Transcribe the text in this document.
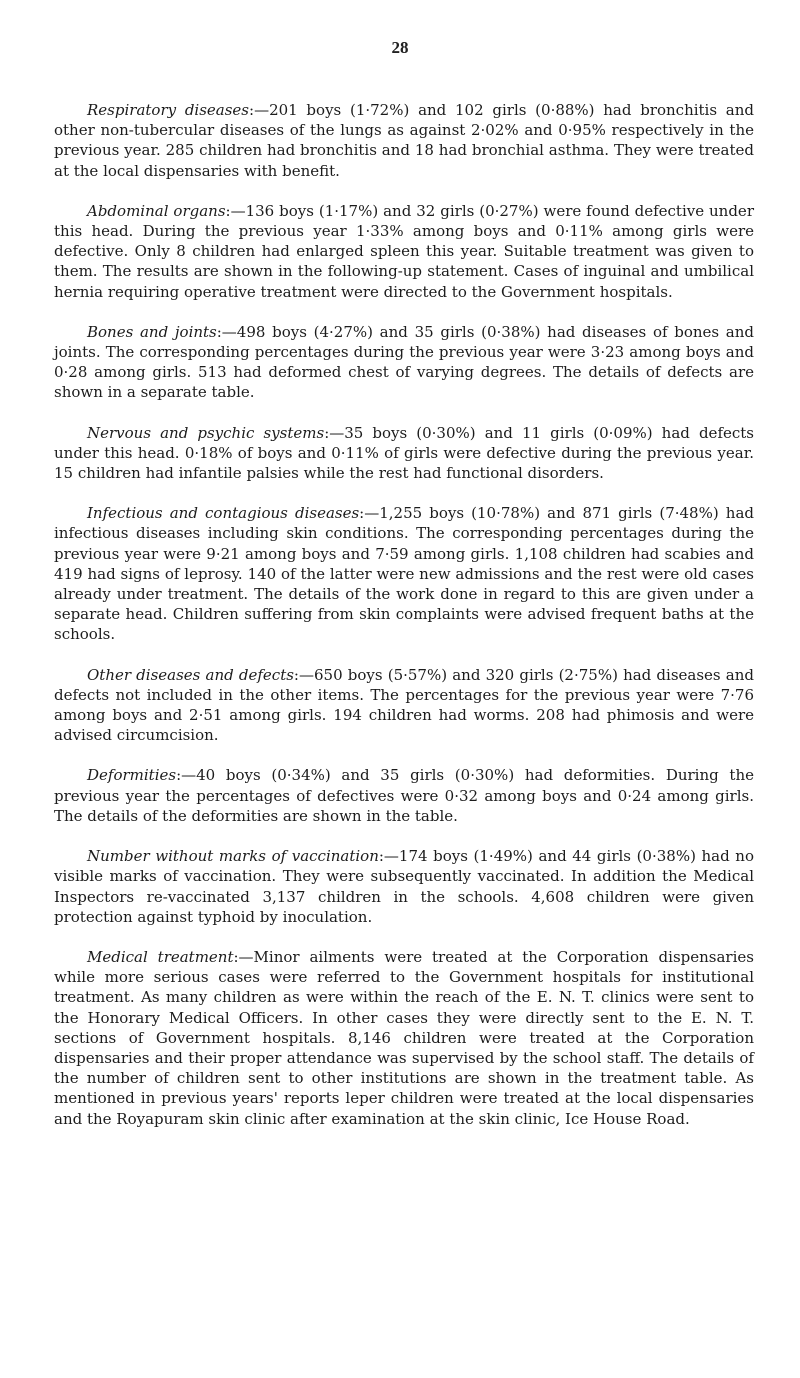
28

Respiratory diseases:—201 boys (1·72%) and 102 girls (0·88%) had bronchitis and other non-tubercular diseases of the lungs as against 2·02% and 0·95% respectively in the previous year. 285 children had bronchitis and 18 had bronchial asthma. They were treated at the local dispensaries with benefit.

Abdominal organs:—136 boys (1·17%) and 32 girls (0·27%) were found defective under this head. During the previous year 1·33% among boys and 0·11% among girls were defective. Only 8 children had enlarged spleen this year. Suitable treatment was given to them. The results are shown in the following-up statement. Cases of inguinal and umbilical hernia requiring operative treatment were directed to the Government hospitals.

Bones and joints:—498 boys (4·27%) and 35 girls (0·38%) had diseases of bones and joints. The corresponding percentages during the previous year were 3·23 among boys and 0·28 among girls. 513 had deformed chest of varying degrees. The details of defects are shown in a separate table.

Nervous and psychic systems:—35 boys (0·30%) and 11 girls (0·09%) had defects under this head. 0·18% of boys and 0·11% of girls were defective during the previous year. 15 children had infantile palsies while the rest had functional disorders.

Infectious and contagious diseases:—1,255 boys (10·78%) and 871 girls (7·48%) had infectious diseases including skin conditions. The corresponding percentages during the previous year were 9·21 among boys and 7·59 among girls. 1,108 children had scabies and 419 had signs of leprosy. 140 of the latter were new admissions and the rest were old cases already under treatment. The details of the work done in regard to this are given under a separate head. Children suffering from skin complaints were advised frequent baths at the schools.

Other diseases and defects:—650 boys (5·57%) and 320 girls (2·75%) had diseases and defects not included in the other items. The percentages for the previous year were 7·76 among boys and 2·51 among girls. 194 children had worms. 208 had phimosis and were advised circumcision.

Deformities:—40 boys (0·34%) and 35 girls (0·30%) had deformities. During the previous year the percentages of defectives were 0·32 among boys and 0·24 among girls. The details of the deformities are shown in the table.

Number without marks of vaccination:—174 boys (1·49%) and 44 girls (0·38%) had no visible marks of vaccination. They were subsequently vaccinated. In addition the Medical Inspectors re-vaccinated 3,137 children in the schools. 4,608 children were given protection against typhoid by inoculation.

Medical treatment:—Minor ailments were treated at the Corporation dispensaries while more serious cases were referred to the Government hospitals for institutional treatment. As many children as were within the reach of the E. N. T. clinics were sent to the Honorary Medical Officers. In other cases they were directly sent to the E. N. T. sections of Government hospitals. 8,146 children were treated at the Corporation dispensaries and their proper attendance was supervised by the school staff. The details of the number of children sent to other institutions are shown in the treatment table. As mentioned in previous years' reports leper children were treated at the local dispensaries and the Royapuram skin clinic after examination at the skin clinic, Ice House Road.
